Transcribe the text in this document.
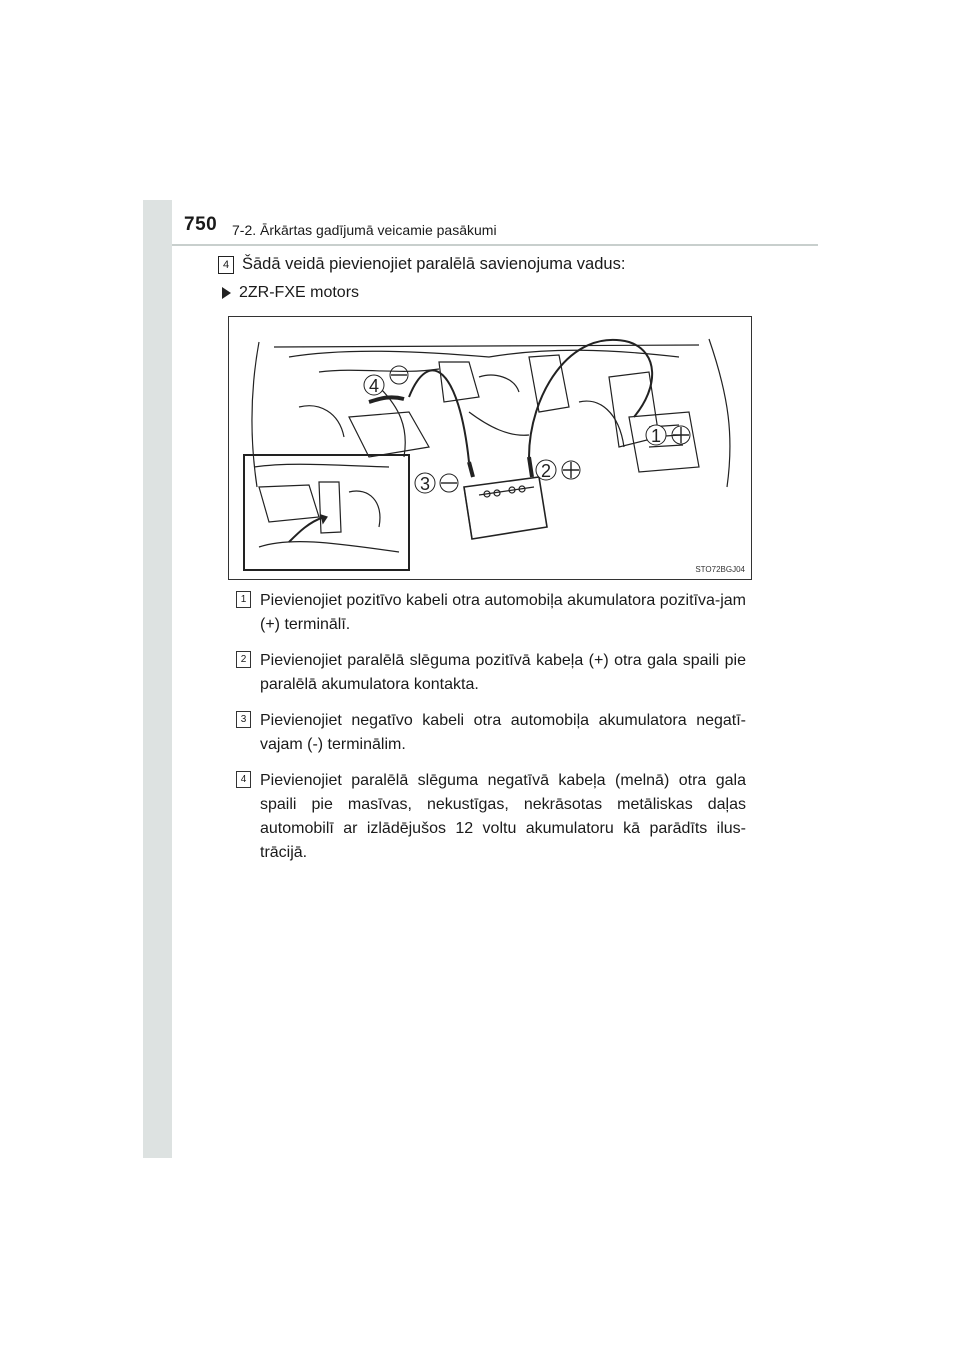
750 7-2. Ārkārtas gadījumā veicamie pasākumi
4 Šādā veidā pievienojiet paralēlā savienojuma vadus:
2ZR-FXE motors
4
1
2
3
STO72BGJ04
1 Pievienojiet pozitīvo kabeli otra automobiļa akumulatora pozitīva-jam (+) terminālī.
2 Pievienojiet paralēlā slēguma pozitīvā kabeļa (+) otra gala spaili pie paralēlā akumulatora kontakta.
3 Pievienojiet negatīvo kabeli otra automobiļa akumulatora negatī-vajam (-) terminālim.
4 Pievienojiet paralēlā slēguma negatīvā kabeļa (melnā) otra gala spaili pie masīvas, nekustīgas, nekrāsotas metāliskas daļas automobilī ar izlādējušos 12 voltu akumulatoru kā parādīts ilus-trācijā.
